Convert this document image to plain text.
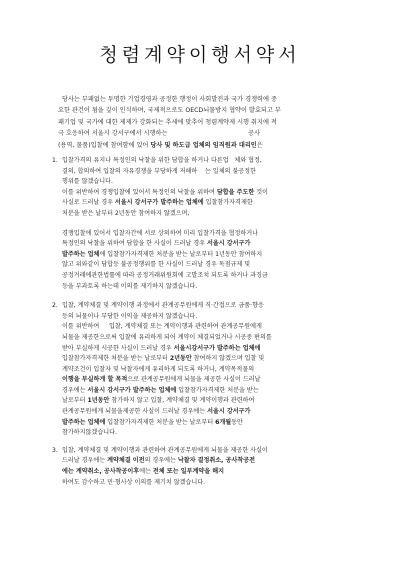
청렴계약이행서약서
당사는 부패없는 투명한 기업경영과 공정한 행정이 사회발전과 국가 경쟁력에 중
요한 관건이 됨을 깊이 인식하며, 국제적으로도 OECD뇌물방지 협약이 발효되고 부
패기업 및 국가에 대한 제제가 강화되는 추세에 맞추어 청렴계약제 시행 취지에 적
극 호응하여 서울시 강서구에서 시행하는                                         공사
(용역, 물품)입찰에 참여함에 있어 당사 및 하도급 업체의 임직원과 대리인은
1. 입찰가격의 유지나 특정인의 낙찰을 위한 담합을 하거나 다른업   체와 협정,
결의, 합의하여 입찰의 자유경쟁을 부당하게 저해하    는 일체의 불공정한
행위를 않겠습니다.
이를 위반하여 경쟁입찰에 있어서 특정인의 낙찰을 위하여 담합을 주도한 것이
사실로 드러날 경우 서울시 강서구가 발주하는 업체에 입찰참가자격제한
처분을 받은 날부터 2년동안 참여하지 않겠으며,
경쟁입찰에 있어서 입찰자간에 서로 상의하여 미리 입찰가격을 협정하거나
특정인의 낙찰을 위하여 담합을 한 사실이 드러날 경우 서울시 강서구가
발주하는 업체에 입찰참가자격제한 처분을 받는 날로부터 1년동안 참여하지
않고 위와같이 담합등 불공정행위를 한 사실이 드러날 경우 독점규제 및
공정거래에관한법률에 따라 공정거래위원회에 고발조치 되도록 하거나 과징금
등을 부과토록 하는데 이의를 제기하지 않겠습니다.
2. 입찰, 계약체결 및 계약이행 과정에서 관계공무원에게 직·간접으로 금품·향응
등의 뇌물이나 부당한 이익을 제공하지 않겠습니다.
이를 위반하여     입찰, 계약체결 또는 계약이행과 관련하여 관계공무원에게
뇌물을 제공한으로써 입찰에 유리하게 되어 계약이 체결되었거나 시공중 편의를
받아 부실하게 시공한 사실이 드러날 경우 서울시강서구가 발주하는 업체에
입찰참가자격제한 처분을 받는 날로부터 2년동안 참여하지 않겠으며 입찰 및
계약조건이 입찰자 및 낙찰자에게 유리하게 되도록 하거나, 계약목적물의
이행을 부실하게 할 목적으로 관계공무원에게 뇌물을 제공한 사실이 드러날
경우에는 서울시 강서구가 발주하는 업체에 입찰참가자격제한 처분을 받는
날로부터 1년동안 참가하지 않고 입찰, 계약체결 및 계약이행과 관련하여
관계공무원에게 뇌물을제공한 사실이 드러날 경우에는 서울시 강서구가
발주하는 업체에 입찰참가자격제한 처분을 받는 날로부터 6개월동안
참가하지않겠습니다.
3. 입찰, 계약체결 및 계약이행과 관련하여 관계공무원에게 뇌물을 제공한 사실이
드러날 경우에는 계약체결 이전의 경우에는 낙찰자 결정취소, 공사착공전
에는 계약취소, 공사착공이후에는 전체 또는 일부계약을 해지
하여도 감수하고 민·형사상 이의를 제기치 않겠습니다.
